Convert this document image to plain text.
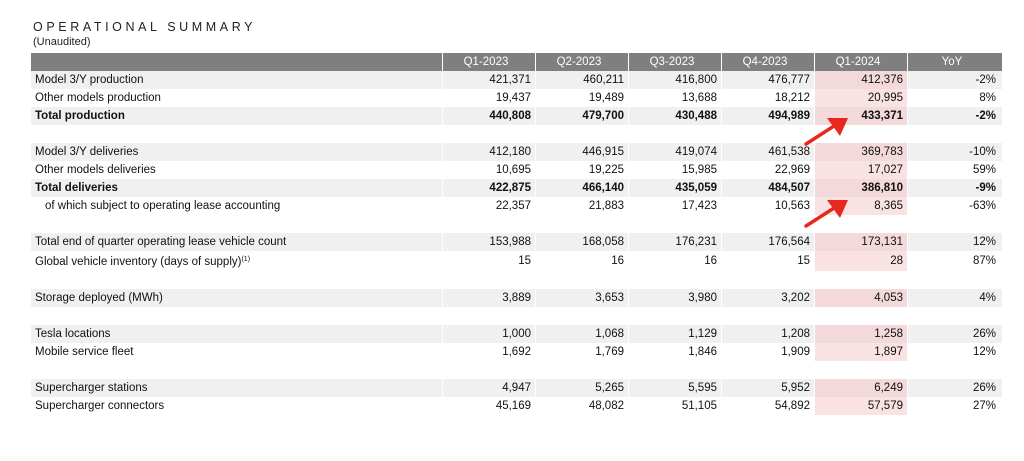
OPERATIONAL SUMMARY
(Unaudited)
	Q1-2023	Q2-2023	Q3-2023	Q4-2023	Q1-2024	YoY
Model 3/Y production	421,371	460,211	416,800	476,777	412,376	-2%
Other models production	19,437	19,489	13,688	18,212	20,995	8%
Total production	440,808	479,700	430,488	494,989	433,371	-2%

Model 3/Y deliveries	412,180	446,915	419,074	461,538	369,783	-10%
Other models deliveries	10,695	19,225	15,985	22,969	17,027	59%
Total deliveries	422,875	466,140	435,059	484,507	386,810	-9%
of which subject to operating lease accounting	22,357	21,883	17,423	10,563	8,365	-63%

Total end of quarter operating lease vehicle count	153,988	168,058	176,231	176,564	173,131	12%
Global vehicle inventory (days of supply)$^{(1)}$	15	16	16	15	28	87%

Storage deployed (MWh)	3,889	3,653	3,980	3,202	4,053	4%

Tesla locations	1,000	1,068	1,129	1,208	1,258	26%
Mobile service fleet	1,692	1,769	1,846	1,909	1,897	12%

Supercharger stations	4,947	5,265	5,595	5,952	6,249	26%
Supercharger connectors	45,169	48,082	51,105	54,892	57,579	27%
